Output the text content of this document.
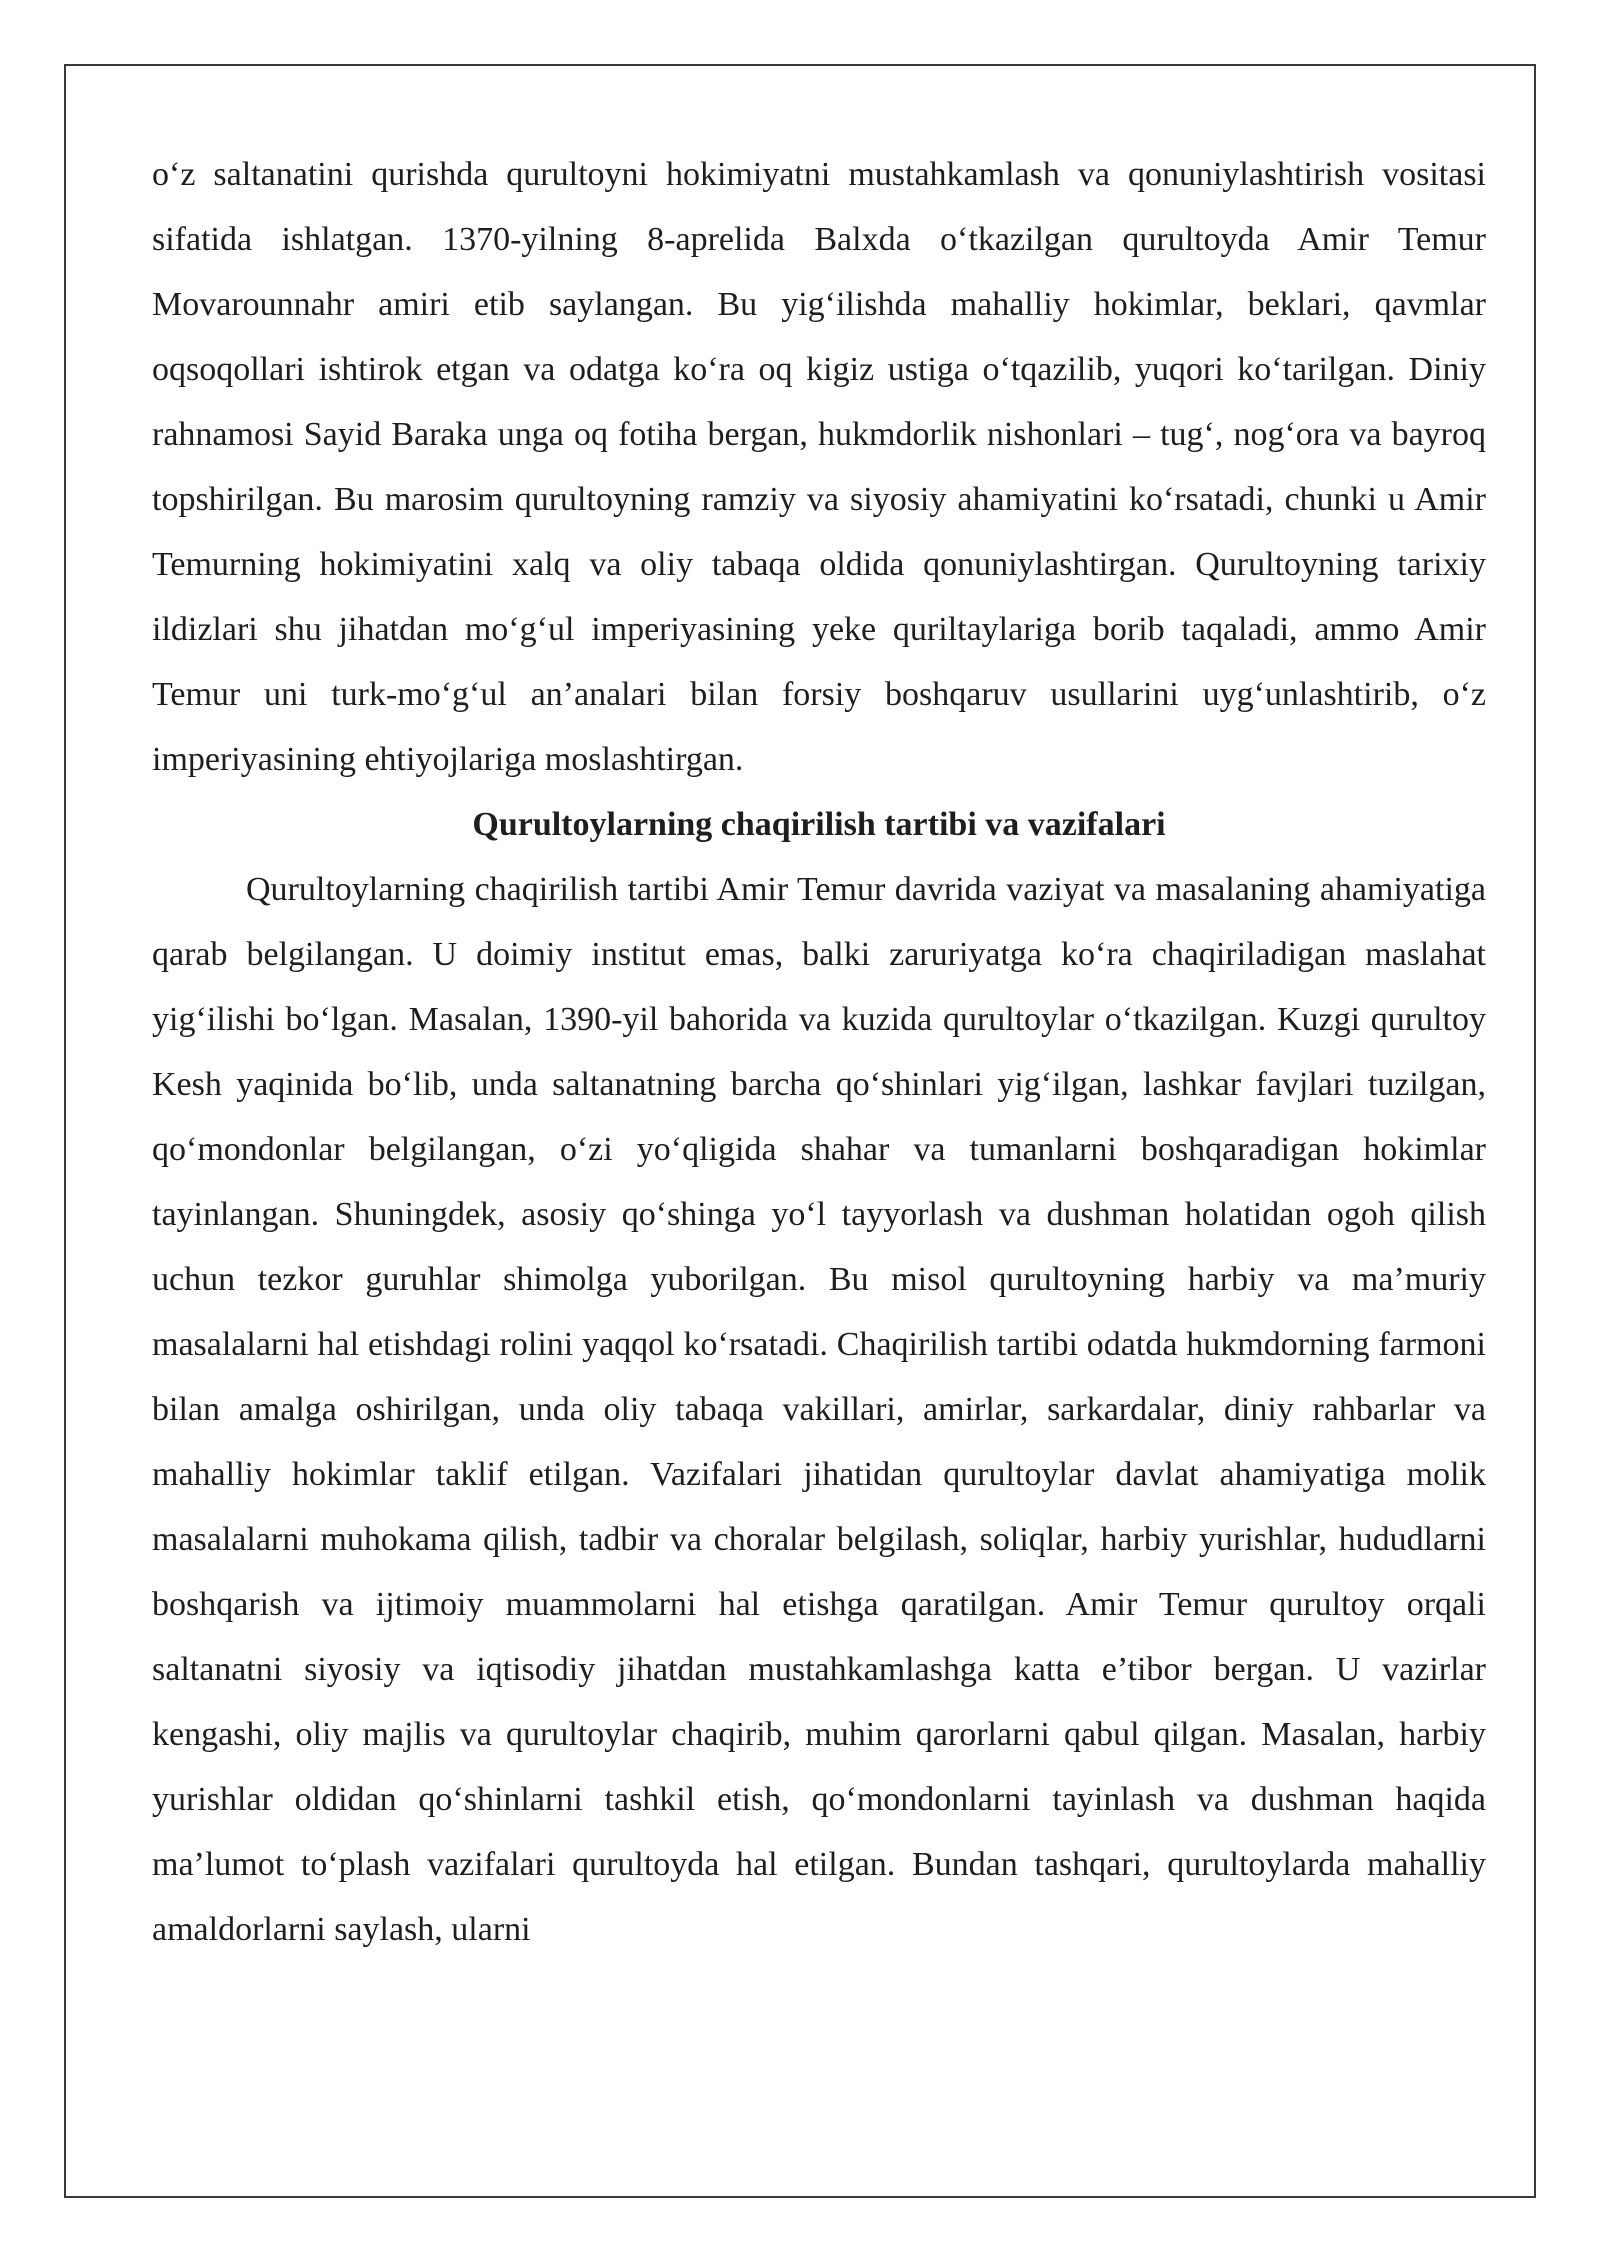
o‘z saltanatini qurishda qurultoyni hokimiyatni mustahkamlash va qonuniylashtirish vositasi sifatida ishlatgan. 1370-yilning 8-aprelida Balxda o‘tkazilgan qurultoyda Amir Temur Movarounnahr amiri etib saylangan. Bu yig‘ilishda mahalliy hokimlar, beklari, qavmlar oqsoqollari ishtirok etgan va odatga ko‘ra oq kigiz ustiga o‘tqazilib, yuqori ko‘tarilgan. Diniy rahnamosi Sayid Baraka unga oq fotiha bergan, hukmdorlik nishonlari – tug‘, nog‘ora va bayroq topshirilgan. Bu marosim qurultoyning ramziy va siyosiy ahamiyatini ko‘rsatadi, chunki u Amir Temurning hokimiyatini xalq va oliy tabaqa oldida qonuniylashtirgan. Qurultoyning tarixiy ildizlari shu jihatdan mo‘g‘ul imperiyasining yeke quriltaylariga borib taqaladi, ammo Amir Temur uni turk-mo‘g‘ul an’analari bilan forsiy boshqaruv usullarini uyg‘unlashtirib, o‘z imperiyasining ehtiyojlariga moslashtirgan.

Qurultoylarning chaqirilish tartibi va vazifalari

Qurultoylarning chaqirilish tartibi Amir Temur davrida vaziyat va masalaning ahamiyatiga qarab belgilangan. U doimiy institut emas, balki zaruriyatga ko‘ra chaqiriladigan maslahat yig‘ilishi bo‘lgan. Masalan, 1390-yil bahorida va kuzida qurultoylar o‘tkazilgan. Kuzgi qurultoy Kesh yaqinida bo‘lib, unda saltanatning barcha qo‘shinlari yig‘ilgan, lashkar favjlari tuzilgan, qo‘mondonlar belgilangan, o‘zi yo‘qligida shahar va tumanlarni boshqaradigan hokimlar tayinlangan. Shuningdek, asosiy qo‘shinga yo‘l tayyorlash va dushman holatidan ogoh qilish uchun tezkor guruhlar shimolga yuborilgan. Bu misol qurultoyning harbiy va ma’muriy masalalarni hal etishdagi rolini yaqqol ko‘rsatadi. Chaqirilish tartibi odatda hukmdorning farmoni bilan amalga oshirilgan, unda oliy tabaqa vakillari, amirlar, sarkardalar, diniy rahbarlar va mahalliy hokimlar taklif etilgan. Vazifalari jihatidan qurultoylar davlat ahamiyatiga molik masalalarni muhokama qilish, tadbir va choralar belgilash, soliqlar, harbiy yurishlar, hududlarni boshqarish va ijtimoiy muammolarni hal etishga qaratilgan. Amir Temur qurultoy orqali saltanatni siyosiy va iqtisodiy jihatdan mustahkamlashga katta e’tibor bergan. U vazirlar kengashi, oliy majlis va qurultoylar chaqirib, muhim qarorlarni qabul qilgan. Masalan, harbiy yurishlar oldidan qo‘shinlarni tashkil etish, qo‘mondonlarni tayinlash va dushman haqida ma’lumot to‘plash vazifalari qurultoyda hal etilgan. Bundan tashqari, qurultoylarda mahalliy amaldorlarni saylash, ularni
